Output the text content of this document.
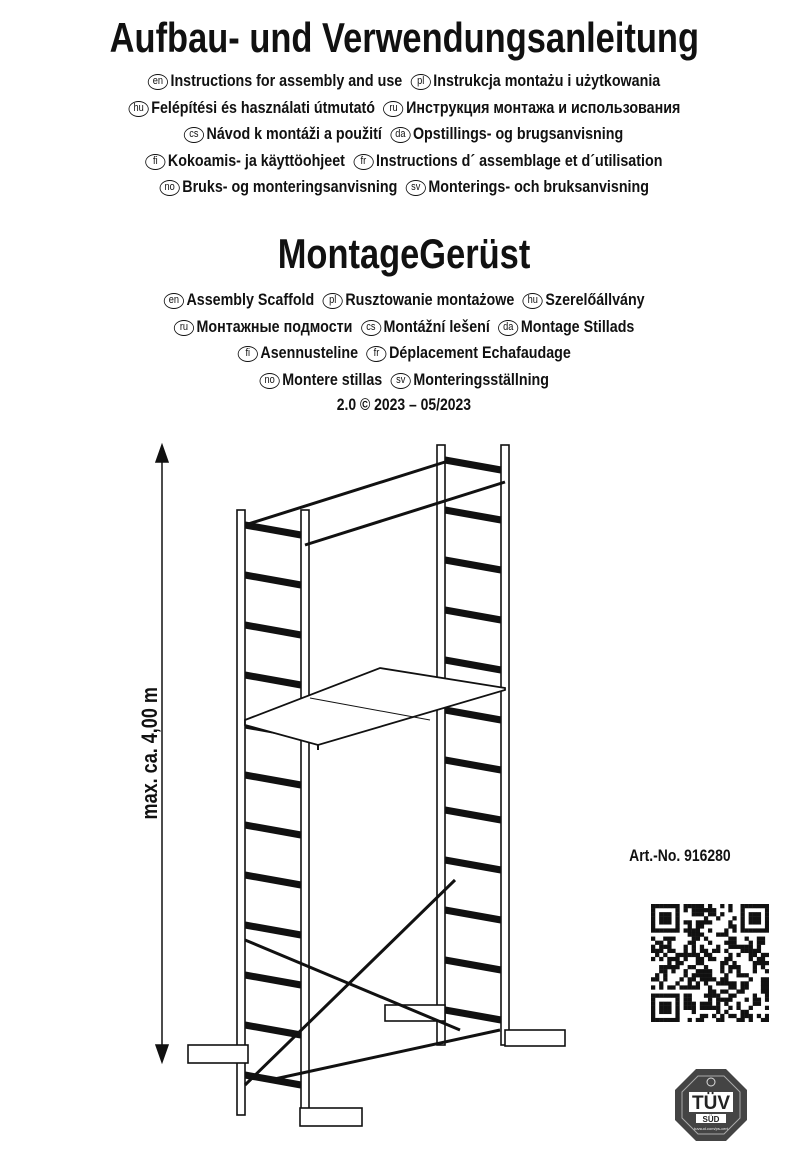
Aufbau- und Verwendungsanleitung
en Instructions for assembly and use pl Instrukcja montażu i użytkowania
hu Felépítési és használati útmutató ru Инструкция монтажа и использования
cs Návod k montáži a použití da Opstillings- og brugsanvisning
fi Kokoamis- ja käyttöohjeet fr Instructions d´ assemblage et d´utilisation
no Bruks- og monteringsanvisning sv Monterings- och bruksanvisning
MontageGerüst
en Assembly Scaffold pl Rusztowanie montażowe hu Szerelőállvány
ru Монтажные подмости cs Montážní lešení da Montage Stillads
fi Asennusteline fr Déplacement Echafaudage
no Montere stillas sv Monteringsställning
2.0 © 2023 – 05/2023
Art.-No. 916280
max. ca. 4,00 m
TÜV
SÜD
tuvsud.com/ps-cert
